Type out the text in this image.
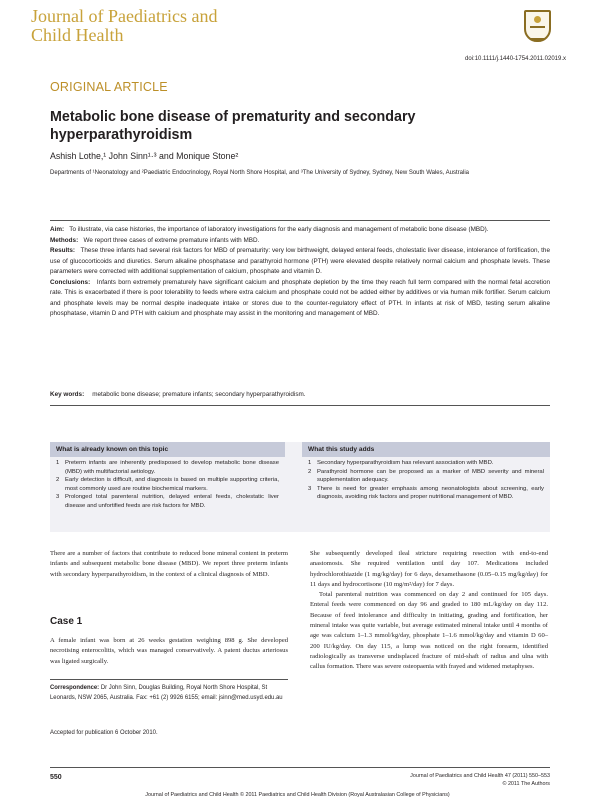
Journal of Paediatrics and
Child Health
doi:10.1111/j.1440-1754.2011.02019.x
ORIGINAL ARTICLE
Metabolic bone disease of prematurity and secondary hyperparathyroidism
Ashish Lothe,¹ John Sinn¹·³ and Monique Stone²
Departments of ¹Neonatology and ²Paediatric Endocrinology, Royal North Shore Hospital, and ³The University of Sydney, Sydney, New South Wales, Australia

Aim: To illustrate, via case histories, the importance of laboratory investigations for the early diagnosis and management of metabolic bone disease (MBD).

Methods: We report three cases of extreme premature infants with MBD.

Results: These three infants had several risk factors for MBD of prematurity: very low birthweight, delayed enteral feeds, cholestatic liver disease, intolerance of fortification, the use of glucocorticoids and diuretics. Serum alkaline phosphatase and parathyroid hormone (PTH) were elevated despite relatively normal calcium and phosphate levels. These parameters were corrected with additional supplementation of calcium, phosphate and vitamin D.

Conclusions: Infants born extremely prematurely have significant calcium and phosphate depletion by the time they reach full term compared with the normal fetal accretion rate. This is exacerbated if there is poor tolerability to feeds where extra calcium and phosphate could not be added either by additives or via human milk fortifier. Serum calcium and phosphate levels may be normal despite inadequate intake or stores due to the counter-regulatory effect of PTH. In infants at risk of MBD, testing serum alkaline phosphatase, vitamin D and PTH with calcium and phosphate may assist in the monitoring and management of MBD.

Key words: metabolic bone disease; premature infants; secondary hyperparathyroidism.
What is already known on this topic
1 Preterm infants are inherently predisposed to develop metabolic bone disease (MBD) with multifactorial aetiology.
2 Early detection is difficult, and diagnosis is based on multiple supporting criteria, most commonly used are routine biochemical markers.
3 Prolonged total parenteral nutrition, delayed enteral feeds, cholestatic liver disease and unfortified feeds are risk factors for MBD.
What this study adds
1 Secondary hyperparathyroidism has relevant association with MBD.
2 Parathyroid hormone can be proposed as a marker of MBD severity and mineral supplementation adequacy.
3 There is need for greater emphasis among neonatologists about screening, early diagnosis, avoiding risk factors and proper nutritional management of MBD.

There are a number of factors that contribute to reduced bone mineral content in preterm infants and subsequent metabolic bone disease (MBD). We report three preterm infants with secondary hyperparathyroidism, in the context of a clinical diagnosis of MBD.

Case 1
A female infant was born at 26 weeks gestation weighing 898 g. She developed necrotising enterocolitis, which was managed conservatively. A patent ductus arteriosus was ligated surgically.
Correspondence: Dr John Sinn, Douglas Building, Royal North Shore Hospital, St Leonards, NSW 2065, Australia. Fax: +61 (2) 9926 6155; email: jsinn@med.usyd.edu.au
Accepted for publication 6 October 2010.

She subsequently developed ileal stricture requiring resection with end-to-end anastomosis. She required ventilation until day 107. Medications included hydrochlorothiazide (1 mg/kg/day) for 6 days, dexamethasone (0.05–0.15 mg/kg/day) for 11 days and hydrocortisone (10 mg/m²/day) for 7 days.

Total parenteral nutrition was commenced on day 2 and continued for 105 days. Enteral feeds were commenced on day 96 and graded to 180 mL/kg/day on day 112. Because of feed intolerance and difficulty in initiating, grading and fortification, her mineral intake was quite variable, but average estimated mineral intake until 4 months of age was calcium 1–1.3 mmol/kg/day, phosphate 1–1.6 mmol/kg/day and vitamin D 60–200 IU/kg/day. On day 115, a lump was noticed on the right forearm, identified radiologically as transverse undisplaced fracture of mid-shaft of radius and ulna with callus formation. There was severe osteopaenia with frayed and widened metaphyses.

550	Journal of Paediatrics and Child Health 47 (2011) 550–553
© 2011 The Authors
Journal of Paediatrics and Child Health © 2011 Paediatrics and Child Health Division (Royal Australasian College of Physicians)
